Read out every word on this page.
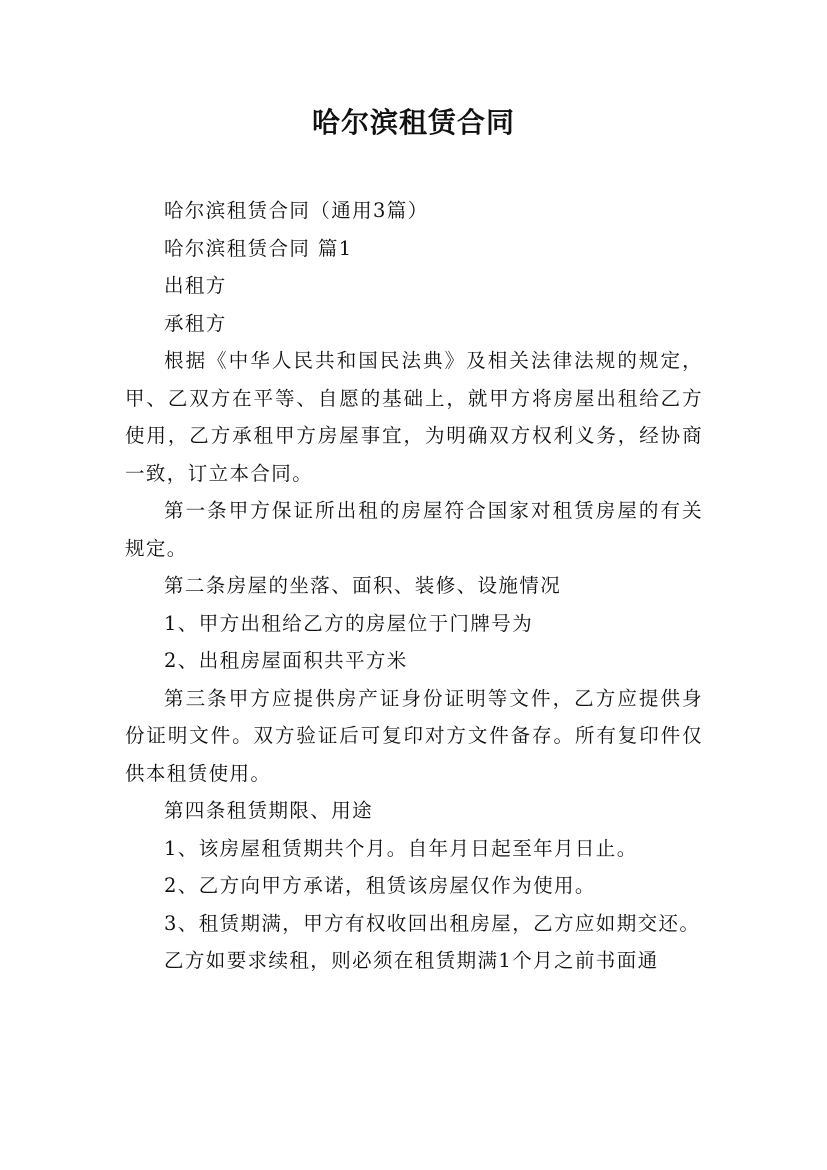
哈尔滨租赁合同

哈尔滨租赁合同（通用3篇）

哈尔滨租赁合同 篇1

出租方

承租方

根据《中华人民共和国民法典》及相关法律法规的规定，甲、乙双方在平等、自愿的基础上，就甲方将房屋出租给乙方使用，乙方承租甲方房屋事宜，为明确双方权利义务，经协商一致，订立本合同。

第一条甲方保证所出租的房屋符合国家对租赁房屋的有关规定。

第二条房屋的坐落、面积、装修、设施情况

1、甲方出租给乙方的房屋位于门牌号为

2、出租房屋面积共平方米

第三条甲方应提供房产证身份证明等文件，乙方应提供身份证明文件。双方验证后可复印对方文件备存。所有复印件仅供本租赁使用。

第四条租赁期限、用途

1、该房屋租赁期共个月。自年月日起至年月日止。

2、乙方向甲方承诺，租赁该房屋仅作为使用。

3、租赁期满，甲方有权收回出租房屋，乙方应如期交还。

乙方如要求续租，则必须在租赁期满1个月之前书面通
